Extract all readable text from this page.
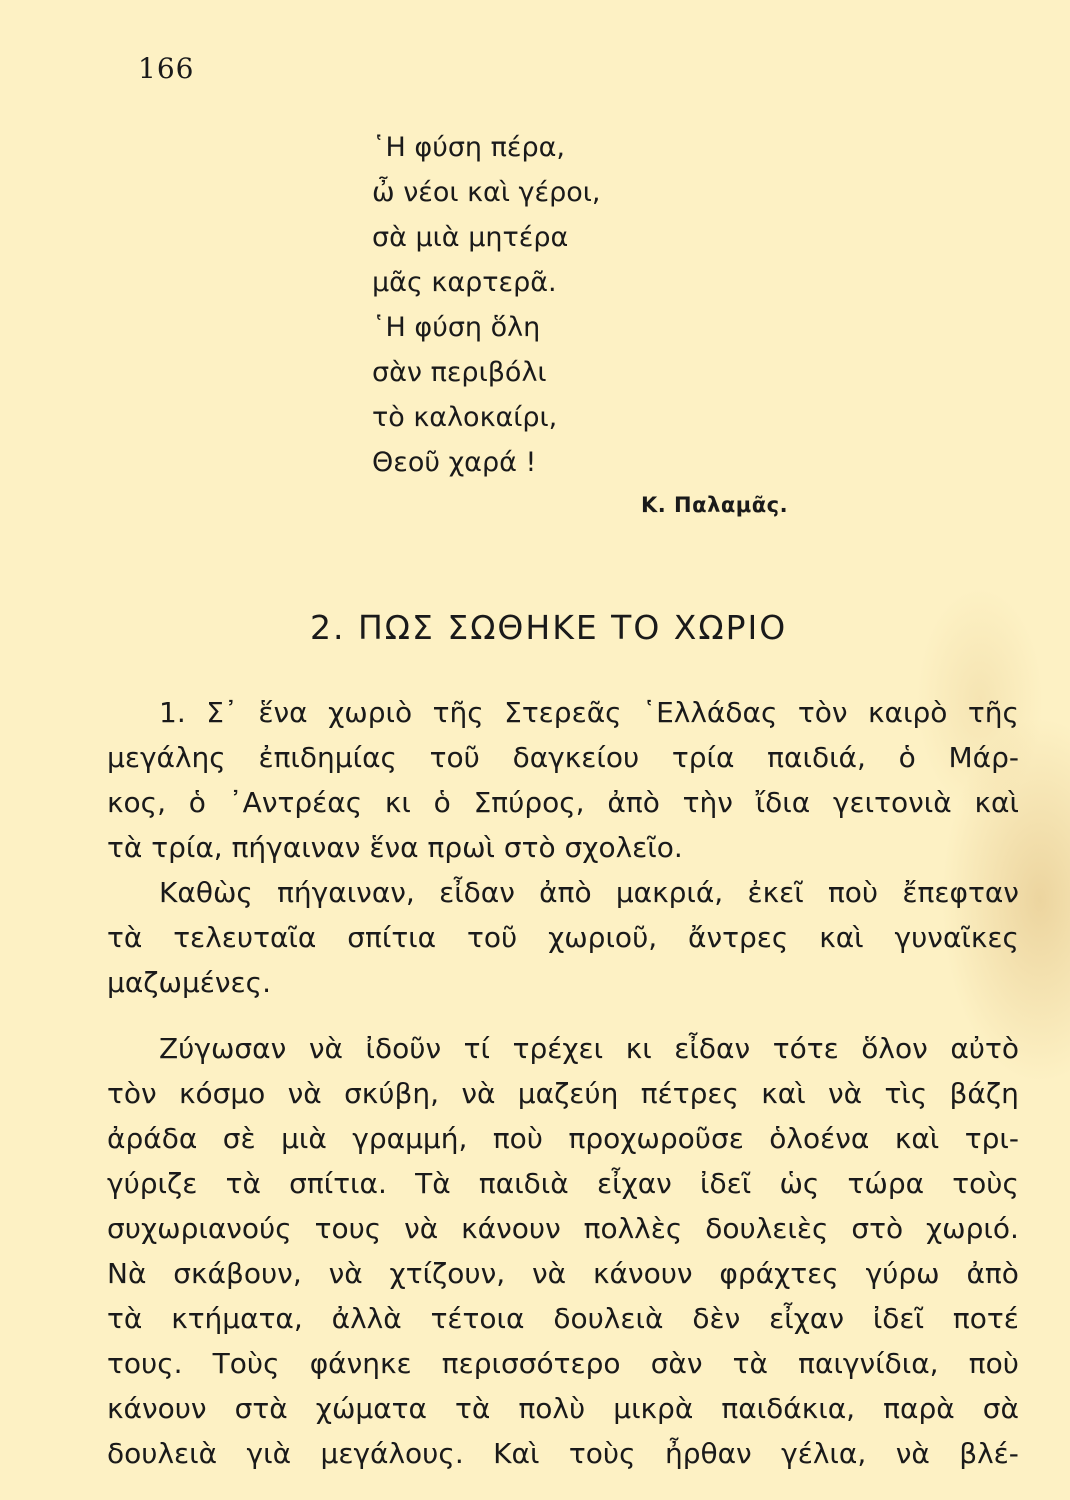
166
῾Η φύση πέρα,
ὦ νέοι καὶ γέροι,
σὰ μιὰ μητέρα
μᾶς καρτερᾶ.
῾Η φύση ὅλη
σὰν περιβόλι
τὸ καλοκαίρι,
Θεοῦ χαρά !
Κ. Παλαμᾶς.
2. ΠΩΣ ΣΩΘΗΚΕ ΤΟ ΧΩΡΙΟ
1. Σ᾽ ἕνα χωριὸ τῆς Στερεᾶς ῾Ελλάδας τὸν καιρὸ τῆς
μεγάλης ἐπιδημίας τοῦ δαγκείου τρία παιδιά, ὁ Μάρ-
κος, ὁ ᾽Αντρέας κι ὁ Σπύρος, ἀπὸ τὴν ἴδια γειτονιὰ καὶ
τὰ τρία, πήγαιναν ἕνα πρωὶ στὸ σχολεῖο.
Καθὼς πήγαιναν, εἶδαν ἀπὸ μακριά, ἐκεῖ ποὺ ἔπεφταν
τὰ τελευταῖα σπίτια τοῦ χωριοῦ, ἄντρες καὶ γυναῖκες
μαζωμένες.
Ζύγωσαν νὰ ἰδοῦν τί τρέχει κι εἶδαν τότε ὅλον αὐτὸ
τὸν κόσμο νὰ σκύβη, νὰ μαζεύη πέτρες καὶ νὰ τὶς βάζη
ἀράδα σὲ μιὰ γραμμή, ποὺ προχωροῦσε ὁλοένα καὶ τρι-
γύριζε τὰ σπίτια. Τὰ παιδιὰ εἶχαν ἰδεῖ ὡς τώρα τοὺς
συχωριανούς τους νὰ κάνουν πολλὲς δουλειὲς στὸ χωριό.
Νὰ σκάβουν, νὰ χτίζουν, νὰ κάνουν φράχτες γύρω ἀπὸ
τὰ κτήματα, ἀλλὰ τέτοια δουλειὰ δὲν εἶχαν ἰδεῖ ποτέ
τους. Τοὺς φάνηκε περισσότερο σὰν τὰ παιγνίδια, ποὺ
κάνουν στὰ χώματα τὰ πολὺ μικρὰ παιδάκια, παρὰ σὰ
δουλειὰ γιὰ μεγάλους. Καὶ τοὺς ἦρθαν γέλια, νὰ βλέ-
